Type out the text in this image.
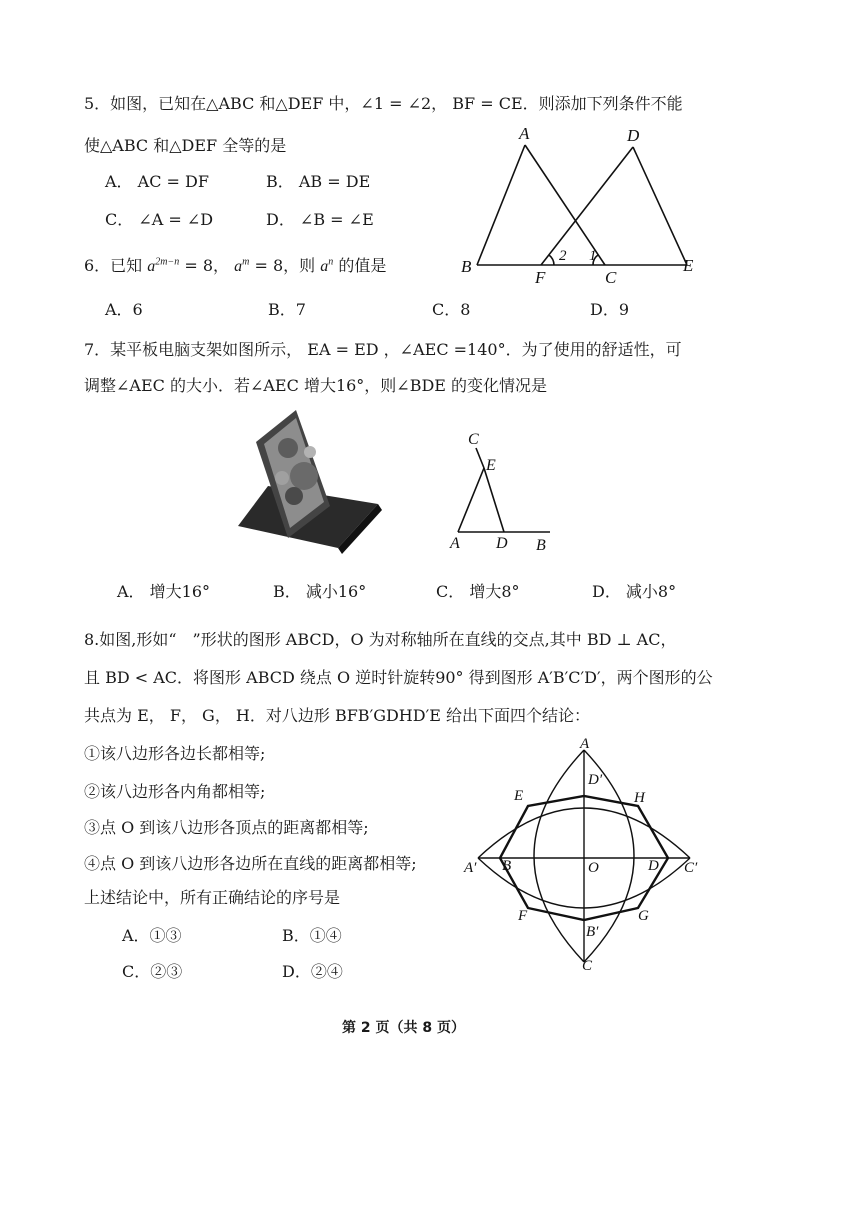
5．如图，已知在△ABC 和△DEF 中，∠1 = ∠2， BF = CE．则添加下列条件不能
使△ABC 和△DEF 全等的是
A． AC = DF	B． AB = DE
C． ∠A = ∠D	D． ∠B = ∠E
A	D
B
F	C
E
2 1
6．已知 $a^{2m-n} = 8$， $a^m = 8$，则 $a^n$ 的值是
A．6	B．7	C．8	D．9
7．某平板电脑支架如图所示， EA = ED ，∠AEC =140°．为了使用的舒适性，可
调整∠AEC 的大小．若∠AEC 增大16°，则∠BDE 的变化情况是
C
E
A D B
A． 增大16°	B． 减小16°	C． 增大8°	D． 减小8°
8.如图,形如“　”形状的图形 ABCD，O 为对称轴所在直线的交点,其中 BD ⊥ AC，
且 BD < AC．将图形 ABCD 绕点 O 逆时针旋转90° 得到图形 A′B′C′D′，两个图形的公
共点为 E， F， G， H．对八边形 BFB′GDHD′E 给出下面四个结论：
①该八边形各边长都相等;
②该八边形各内角都相等;
③点 O 到该八边形各顶点的距离都相等;
④点 O 到该八边形各边所在直线的距离都相等;
上述结论中，所有正确结论的序号是
A．①③	B．①④
C．②③	D．②④
A
D′
E	H
A′ B	O	D C′
F
B′
G
C
第 2 页（共 8 页）
